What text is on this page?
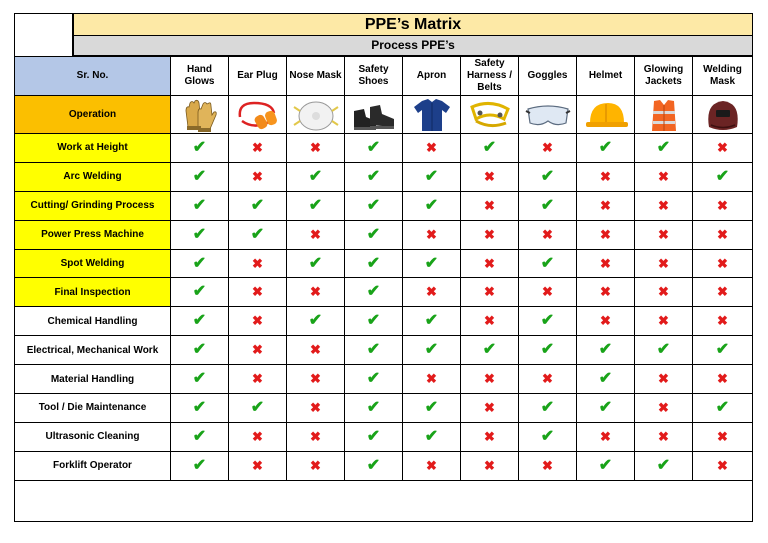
PPE’s Matrix
Process PPE’s
Sr. No.	Hand Glows	Ear Plug	Nose Mask	Safety Shoes	Apron	Safety Harness / Belts	Goggles	Helmet	Glowing Jackets	Welding Mask
Operation	

Work at Height	✔	✖	✖	✔	✖	✔	✖	✔	✔	✖
Arc Welding	✔	✖	✔	✔	✔	✖	✔	✖	✖	✔
Cutting/ Grinding Process	✔	✔	✔	✔	✔	✖	✔	✖	✖	✖
Power Press Machine	✔	✔	✖	✔	✖	✖	✖	✖	✖	✖
Spot Welding	✔	✖	✔	✔	✔	✖	✔	✖	✖	✖
Final Inspection	✔	✖	✖	✔	✖	✖	✖	✖	✖	✖
Chemical Handling	✔	✖	✔	✔	✔	✖	✔	✖	✖	✖
Electrical, Mechanical Work	✔	✖	✖	✔	✔	✔	✔	✔	✔	✔
Material Handling	✔	✖	✖	✔	✖	✖	✖	✔	✖	✖
Tool / Die Maintenance	✔	✔	✖	✔	✔	✖	✔	✔	✖	✔
Ultrasonic Cleaning	✔	✖	✖	✔	✔	✖	✔	✖	✖	✖
Forklift Operator	✔	✖	✖	✔	✖	✖	✖	✔	✔	✖
